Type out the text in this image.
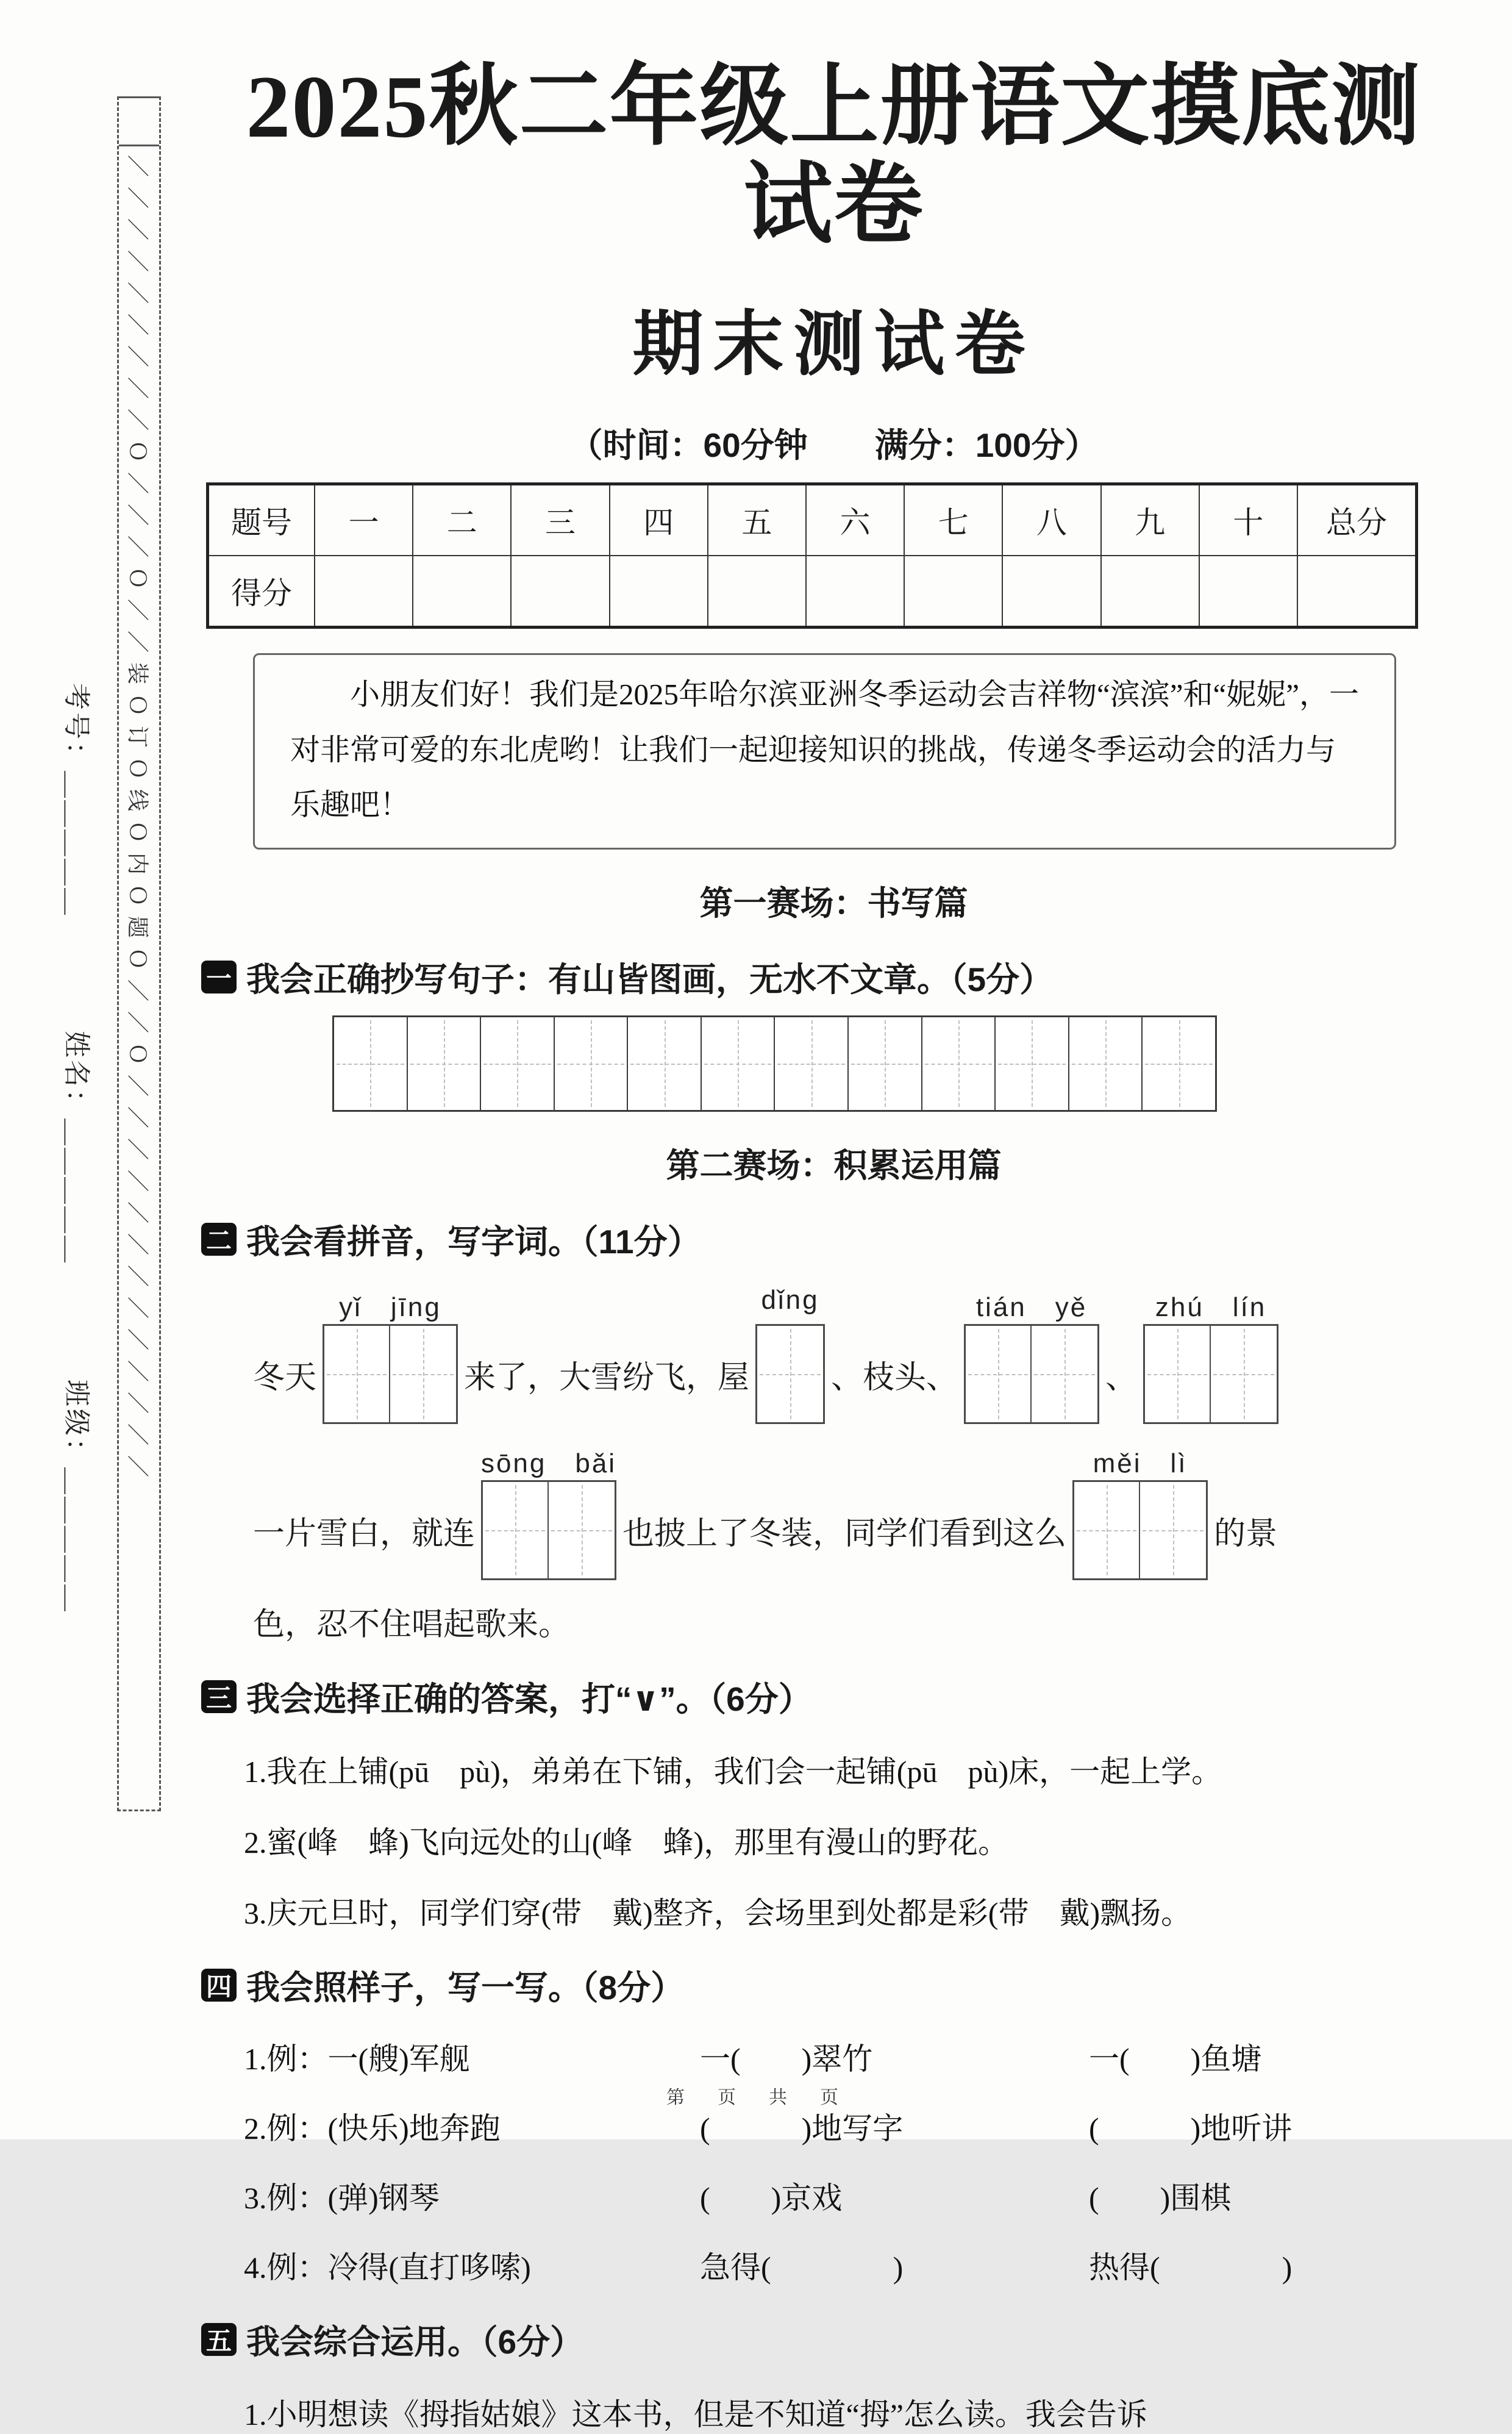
考号：＿＿＿＿＿
姓名：＿＿＿＿＿
班级：＿＿＿＿＿
／／／／／／／／／Ｏ／／／Ｏ／／装Ｏ订Ｏ线Ｏ内Ｏ题Ｏ／／Ｏ／／／／／／／／／／／／／
2025秋二年级上册语文摸底测试卷
期末测试卷
（时间：60分钟　　满分：100分）
题号	一	二	三	四	五	六	七	八	九	十	总分
得分											
小朋友们好！我们是2025年哈尔滨亚洲冬季运动会吉祥物“滨滨”和“妮妮”，一对非常可爱的东北虎哟！让我们一起迎接知识的挑战，传递冬季运动会的活力与乐趣吧！
第一赛场：书写篇
一 我会正确抄写句子：有山皆图画，无水不文章。（5分）
第二赛场：积累运用篇
二 我会看拼音，写字词。（11分）
冬天
yǐ　jīng
来了，大雪纷飞，屋
dǐng
、枝头、
tián　yě
、
zhú　lín
一片雪白，就连
sōng　bǎi
也披上了冬装，同学们看到这么
měi　lì
的景
色，忍不住唱起歌来。
三 我会选择正确的答案，打“∨”。（6分）
1.我在上铺(pū　pù)，弟弟在下铺，我们会一起铺(pū　pù)床，一起上学。
2.蜜(峰　蜂)飞向远处的山(峰　蜂)，那里有漫山的野花。
3.庆元旦时，同学们穿(带　戴)整齐，会场里到处都是彩(带　戴)飘扬。
四 我会照样子，写一写。（8分）
1.例：一(艘)军舰	一(　　)翠竹	一(　　)鱼塘
2.例：(快乐)地奔跑	(　　　)地写字	(　　　)地听讲
3.例：(弹)钢琴	(　　)京戏	(　　)围棋
4.例：冷得(直打哆嗦)	急得(　　　　)	热得(　　　　)
五 我会综合运用。（6分）
1.小明想读《拇指姑娘》这本书，但是不知道“拇”怎么读。我会告诉
第　页　共　页
